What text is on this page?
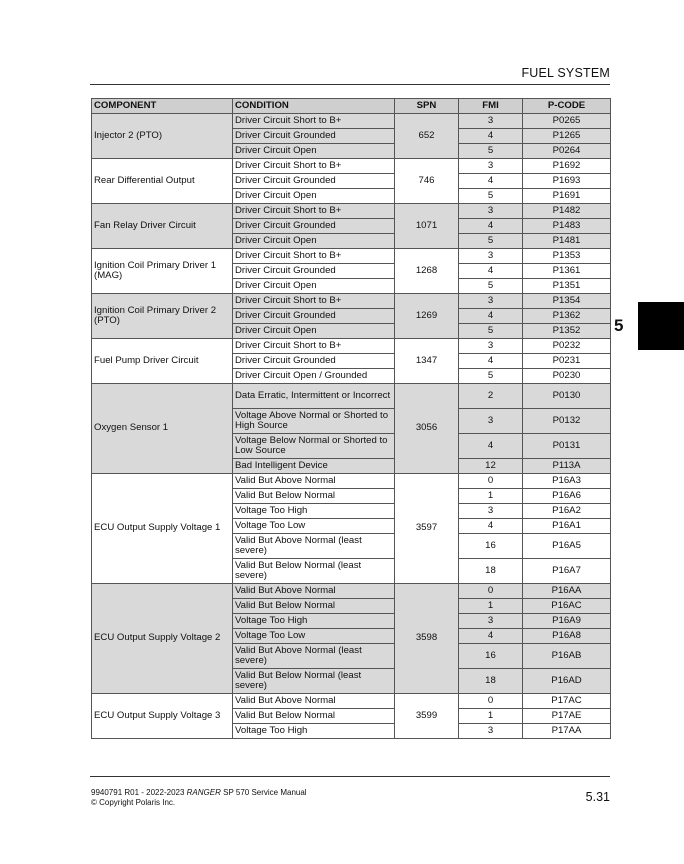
FUEL SYSTEM
5
COMPONENT	CONDITION	SPN	FMI	P-CODE
Injector 2 (PTO)	Driver Circuit Short to B+	652	3	P0265
	Driver Circuit Grounded		4	P1265
	Driver Circuit Open		5	P0264
Rear Differential Output	Driver Circuit Short to B+	746	3	P1692
	Driver Circuit Grounded		4	P1693
	Driver Circuit Open		5	P1691
Fan Relay Driver Circuit	Driver Circuit Short to B+	1071	3	P1482
	Driver Circuit Grounded		4	P1483
	Driver Circuit Open		5	P1481
Ignition Coil Primary Driver 1 (MAG)	Driver Circuit Short to B+	1268	3	P1353
	Driver Circuit Grounded		4	P1361
	Driver Circuit Open		5	P1351
Ignition Coil Primary Driver 2 (PTO)	Driver Circuit Short to B+	1269	3	P1354
	Driver Circuit Grounded		4	P1362
	Driver Circuit Open		5	P1352
Fuel Pump Driver Circuit	Driver Circuit Short to B+	1347	3	P0232
	Driver Circuit Grounded		4	P0231
	Driver Circuit Open / Grounded		5	P0230
Oxygen Sensor 1	Data Erratic, Intermittent or Incorrect	3056	2	P0130
	Voltage Above Normal or Shorted to High Source		3	P0132
	Voltage Below Normal or Shorted to Low Source		4	P0131
	Bad Intelligent Device		12	P113A
ECU Output Supply Voltage 1	Valid But Above Normal	3597	0	P16A3
	Valid But Below Normal		1	P16A6
	Voltage Too High		3	P16A2
	Voltage Too Low		4	P16A1
	Valid But Above Normal (least severe)		16	P16A5
	Valid But Below Normal (least severe)		18	P16A7
ECU Output Supply Voltage 2	Valid But Above Normal	3598	0	P16AA
	Valid But Below Normal		1	P16AC
	Voltage Too High		3	P16A9
	Voltage Too Low		4	P16A8
	Valid But Above Normal (least severe)		16	P16AB
	Valid But Below Normal (least severe)		18	P16AD
ECU Output Supply Voltage 3	Valid But Above Normal	3599	0	P17AC
	Valid But Below Normal		1	P17AE
	Voltage Too High		3	P17AA
9940791 R01 - 2022-2023 RANGER SP 570 Service Manual
© Copyright Polaris Inc.	5.31
